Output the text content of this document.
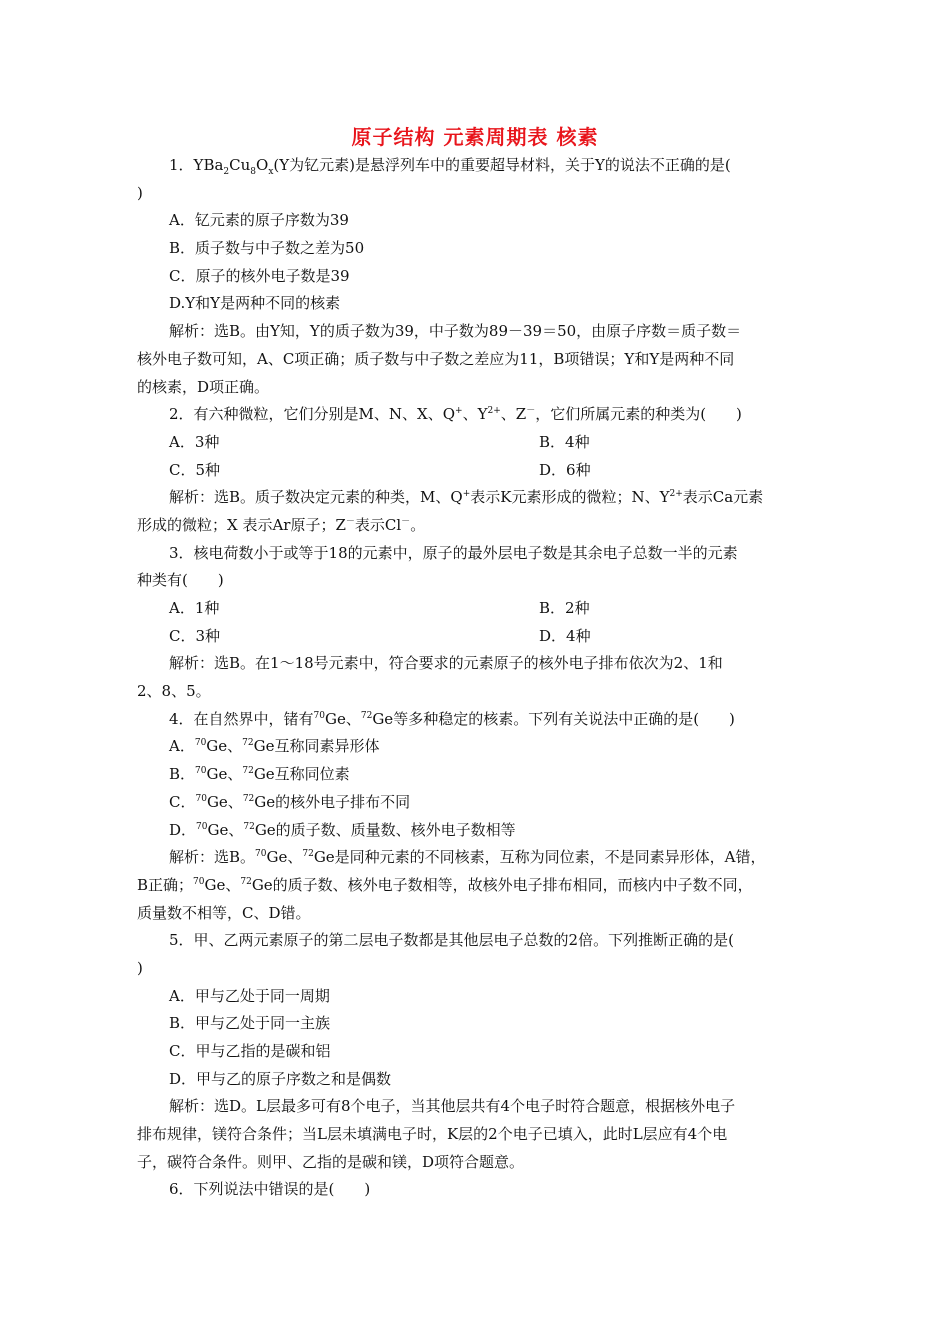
原子结构 元素周期表 核素
1．$YBa_2Cu_8O_x(Y$为钇元素)是悬浮列车中的重要超导材料，关于Y的说法不正确的是(
)
A．钇元素的原子序数为39
B．质子数与中子数之差为50
C．原子的核外电子数是39
D.Y和Y是两种不同的核素
解析：选B。由Y知，Y的质子数为39，中子数为89－39＝50，由原子序数＝质子数＝
核外电子数可知，A、C项正确；质子数与中子数之差应为11，B项错误；Y和Y是两种不同
的核素，D项正确。
2．有六种微粒，它们分别是M、N、X、Q+、$Y^{2+}$、Z－，它们所属元素的种类为(　　)
A．3种	B．4种
C．5种	D．6种
解析：选B。质子数决定元素的种类，M、Q+表示K元素形成的微粒；N、$Y^{2+}$表示Ca元素
形成的微粒；X 表示Ar原子；Z－表示Cl－。
3．核电荷数小于或等于18的元素中，原子的最外层电子数是其余电子总数一半的元素
种类有(　　)
A．1种	B．2种
C．3种	D．4种
解析：选B。在1～18号元素中，符合要求的元素原子的核外电子排布依次为2、1和
2、8、5。
4．在自然界中，锗有$^{70}$Ge、$^{72}$Ge等多种稳定的核素。下列有关说法中正确的是(　　)
A．$^{70}$Ge、$^{72}$Ge互称同素异形体
B．$^{70}$Ge、$^{72}$Ge互称同位素
C．$^{70}$Ge、$^{72}$Ge的核外电子排布不同
D．$^{70}$Ge、$^{72}$Ge的质子数、质量数、核外电子数相等
解析：选B。$^{70}$Ge、$^{72}$Ge是同种元素的不同核素，互称为同位素，不是同素异形体，A错，
B正确；$^{70}$Ge、$^{72}$Ge的质子数、核外电子数相等，故核外电子排布相同，而核内中子数不同，
质量数不相等，C、D错。
5．甲、乙两元素原子的第二层电子数都是其他层电子总数的2倍。下列推断正确的是(
)
A．甲与乙处于同一周期
B．甲与乙处于同一主族
C．甲与乙指的是碳和铝
D．甲与乙的原子序数之和是偶数
解析：选D。L层最多可有8个电子，当其他层共有4个电子时符合题意，根据核外电子
排布规律，镁符合条件；当L层未填满电子时，K层的2个电子已填入，此时L层应有4个电
子，碳符合条件。则甲、乙指的是碳和镁，D项符合题意。
6．下列说法中错误的是(　　)
